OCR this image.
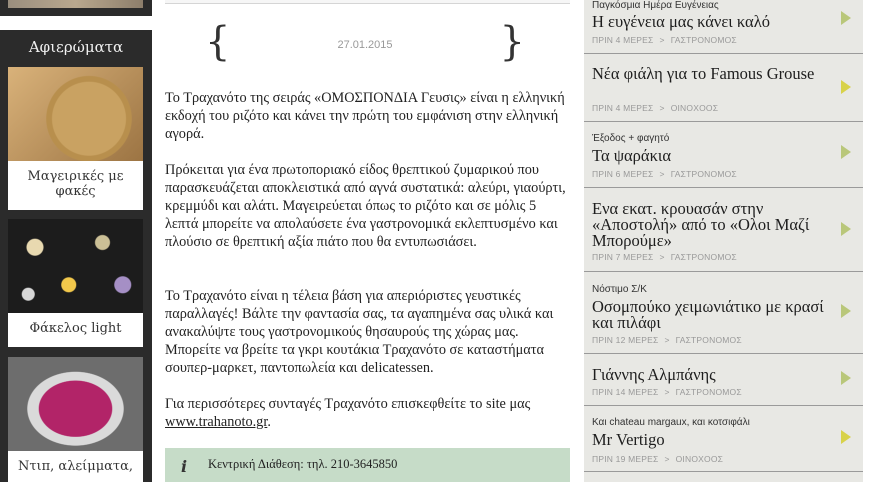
Αφιερώματα
Μαγειρικές με φακές
Φάκελος light
Ντιπ, αλείμματα,
{	27.01.2015	}

Το Τραχανότο της σειράς «ΟΜΟΣΠΟΝΔΙΑ Γευσις» είναι η ελληνική εκδοχή του ριζότο και κάνει την πρώτη του εμφάνιση στην ελληνική αγορά.

Πρόκειται για ένα πρωτοποριακό είδος θρεπτικού ζυμαρικού που παρασκευάζεται αποκλειστικά από αγνά συστατικά: αλεύρι, γιαούρτι, κρεμμύδι και αλάτι. Μαγειρεύεται όπως το ριζότο και σε μόλις 5 λεπτά μπορείτε να απολαύσετε ένα γαστρονομικά εκλεπτυσμένο και πλούσιο σε θρεπτική αξία πιάτο που θα εντυπωσιάσει.

Το Τραχανότο είναι η τέλεια βάση για απεριόριστες γευστικές παραλλαγές! Βάλτε την φαντασία σας, τα αγαπημένα σας υλικά και ανακαλύψτε τους γαστρονομικούς θησαυρούς της χώρας μας. Μπορείτε να βρείτε τα γκρι κουτάκια Τραχανότο σε καταστήματα σουπερ-μαρκετ, παντοπωλεία και delicatessen.

Για περισσότερες συνταγές Τραχανότο επισκεφθείτε το site μας www.trahanoto.gr.

i Κεντρική Διάθεση: τηλ. 210-3645850
Παγκόσμια Ημέρα Ευγένειας
Η ευγένεια μας κάνει καλό
ΠΡΙΝ 4 ΜΕΡΕΣ > ΓΑΣΤΡΟΝΟΜΟΣ
Νέα φιάλη για το Famous Grouse
ΠΡΙΝ 4 ΜΕΡΕΣ > ΟΙΝΟΧΟΟΣ
Έξοδος + φαγητό
Τα ψαράκια
ΠΡΙΝ 6 ΜΕΡΕΣ > ΓΑΣΤΡΟΝΟΜΟΣ
Ενα εκατ. κρουασάν στην «Αποστολή» από το «Ολοι Μαζί Μπορούμε»
ΠΡΙΝ 7 ΜΕΡΕΣ > ΓΑΣΤΡΟΝΟΜΟΣ
Νόστιμο Σ/Κ
Οσομπούκο χειμωνιάτικο με κρασί και πιλάφι
ΠΡΙΝ 12 ΜΕΡΕΣ > ΓΑΣΤΡΟΝΟΜΟΣ
Γιάννης Αλμπάνης
ΠΡΙΝ 14 ΜΕΡΕΣ > ΓΑΣΤΡΟΝΟΜΟΣ
Και chateau margaux, και κοτσιφάλι
Mr Vertigo
ΠΡΙΝ 19 ΜΕΡΕΣ > ΟΙΝΟΧΟΟΣ
